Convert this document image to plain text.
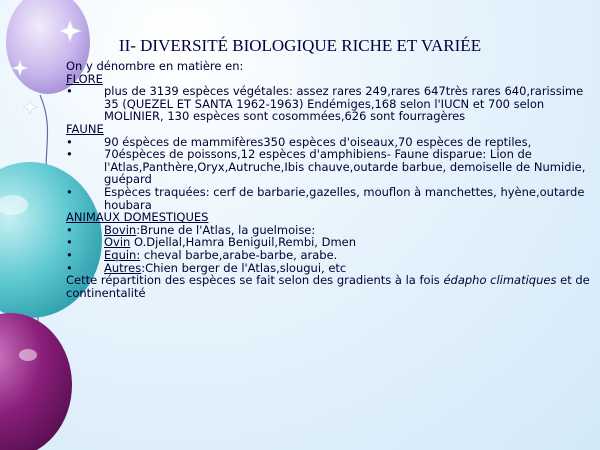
II- DIVERSITÉ BIOLOGIQUE RICHE ET VARIÉE

On y dénombre en matière en:

FLORE

•	plus de 3139 espèces végétales: assez rares 249,rares 647très rares 640,rarissime 35 (QUEZEL ET SANTA 1962-1963) Endémiges,168 selon l'IUCN et 700 selon MOLINIER, 130 espèces sont cosommées,626 sont fourragères

FAUNE

•	90 éspèces de mammifères350 espèces d'oiseaux,70 espèces de reptiles,
•	70éspèces de poissons,12 espèces d'amphibiens- Faune disparue: Lion de l'Atlas,Panthère,Oryx,Autruche,Ibis chauve,outarde barbue, demoiselle de Numidie, guépard
•	Espèces traquées: cerf de barbarie,gazelles, mouflon à manchettes, hyène,outarde houbara

ANIMAUX DOMESTIQUES

•	Bovin:Brune de l'Atlas, la guelmoise:
•	Ovin O.Djellal,Hamra Beniguil,Rembi, Dmen
•	Equin: cheval barbe,arabe-barbe, arabe.
•	Autres:Chien berger de l'Atlas,slougui, etc

Cette répartition des espèces se fait selon des gradients à la fois édapho climatiques et de continentalité
